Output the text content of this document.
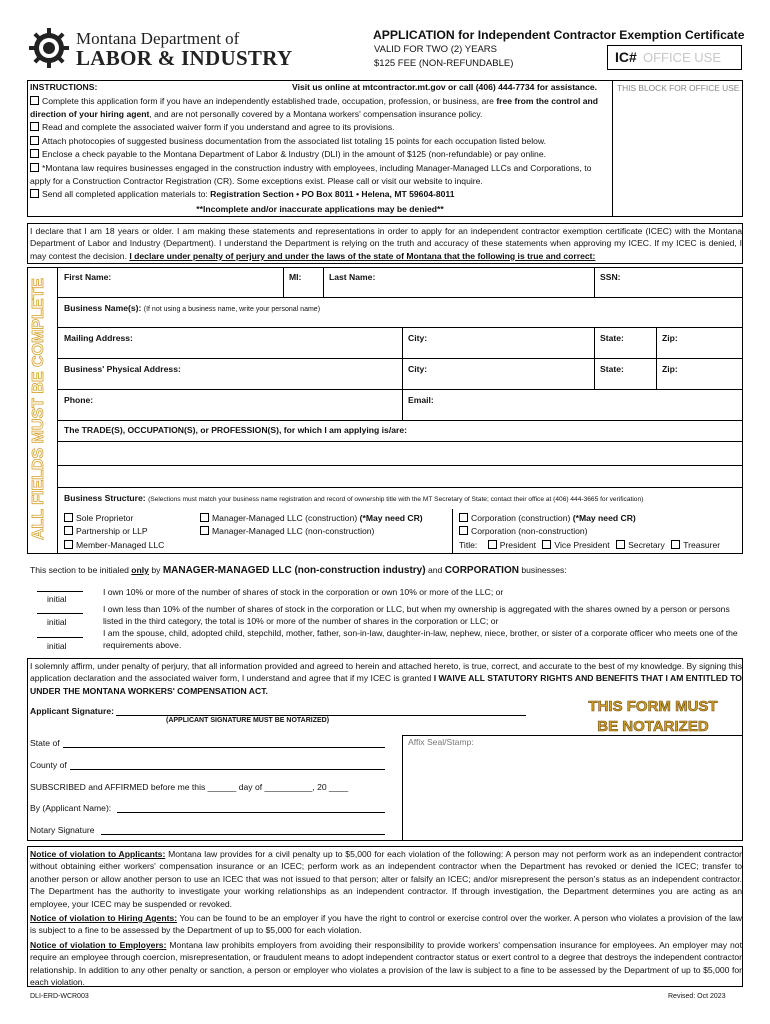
Montana Department of
LABOR & INDUSTRY
APPLICATION for Independent Contractor Exemption Certificate
VALID FOR TWO (2) YEARS
$125 FEE (NON-REFUNDABLE)	IC# OFFICE USE
THIS BLOCK FOR OFFICE USE
INSTRUCTIONS:	Visit us online at mtcontractor.mt.gov or call (406) 444-7734 for assistance.
Complete this application form if you have an independently established trade, occupation, profession, or business, are free from the control and direction of your hiring agent, and are not personally covered by a Montana workers' compensation insurance policy.
Read and complete the associated waiver form if you understand and agree to its provisions.
Attach photocopies of suggested business documentation from the associated list totaling 15 points for each occupation listed below.
Enclose a check payable to the Montana Department of Labor & Industry (DLI) in the amount of $125 (non-refundable) or pay online.
*Montana law requires businesses engaged in the construction industry with employees, including Manager-Managed LLCs and Corporations, to apply for a Construction Contractor Registration (CR). Some exceptions exist. Please call or visit our website to inquire.
Send all completed application materials to: Registration Section • PO Box 8011 • Helena, MT 59604-8011
**Incomplete and/or inaccurate applications may be denied**
I declare that I am 18 years or older. I am making these statements and representations in order to apply for an independent contractor exemption certificate (ICEC) with the Montana Department of Labor and Industry (Department). I understand the Department is relying on the truth and accuracy of these statements when approving my ICEC. If my ICEC is denied, I may contest the decision. I declare under penalty of perjury and under the laws of the state of Montana that the following is true and correct:
ALL FIELDS MUST BE COMPLETE
First Name:	MI:	Last Name:	SSN:
Business Name(s): (If not using a business name, write your personal name)
Mailing Address:	City:	State:	Zip:
Business' Physical Address:	City:	State:	Zip:
Phone:	Email:
The TRADE(S), OCCUPATION(S), or PROFESSION(S), for which I am applying is/are:
Business Structure: (Selections must match your business name registration and record of ownership title with the MT Secretary of State; contact their office at (406) 444-3665 for verification)
Sole Proprietor
Partnership or LLP
Member-Managed LLC
Manager-Managed LLC (construction) (*May need CR)
Manager-Managed LLC (non-construction)
Corporation (construction) (*May need CR)
Corporation (non-construction)
Title:	President Vice President Secretary Treasurer
This section to be initialed only by MANAGER-MANAGED LLC (non-construction industry) and CORPORATION businesses:
initial
initial
initial
I own 10% or more of the number of shares of stock in the corporation or own 10% or more of the LLC; or
I own less than 10% of the number of shares of stock in the corporation or LLC, but when my ownership is aggregated with the shares owned by a person or persons listed in the third category, the total is 10% or more of the number of shares in the corporation or LLC; or
I am the spouse, child, adopted child, stepchild, mother, father, son-in-law, daughter-in-law, nephew, niece, brother, or sister of a corporate officer who meets one of the requirements above.
I solemnly affirm, under penalty of perjury, that all information provided and agreed to herein and attached hereto, is true, correct, and accurate to the best of my knowledge. By signing this application declaration and the associated waiver form, I understand and agree that if my ICEC is granted I WAIVE ALL STATUTORY RIGHTS AND BENEFITS THAT I AM ENTITLED TO UNDER THE MONTANA WORKERS' COMPENSATION ACT.
Applicant Signature:
(APPLICANT SIGNATURE MUST BE NOTARIZED)
THIS FORM MUST
BE NOTARIZED
Affix Seal/Stamp:
State of
County of
SUBSCRIBED and AFFIRMED before me this ______ day of __________, 20 ____
By (Applicant Name):
Notary Signature
Notice of violation to Applicants: Montana law provides for a civil penalty up to $5,000 for each violation of the following: A person may not perform work as an independent contractor without obtaining either workers' compensation insurance or an ICEC; perform work as an independent contractor when the Department has revoked or denied the ICEC; transfer to another person or allow another person to use an ICEC that was not issued to that person; alter or falsify an ICEC; and/or misrepresent the person's status as an independent contractor. The Department has the authority to investigate your working relationships as an independent contractor. If through investigation, the Department determines you are acting as an employee, your ICEC may be suspended or revoked.
Notice of violation to Hiring Agents: You can be found to be an employer if you have the right to control or exercise control over the worker. A person who violates a provision of the law is subject to a fine to be assessed by the Department of up to $5,000 for each violation.
Notice of violation to Employers: Montana law prohibits employers from avoiding their responsibility to provide workers' compensation insurance for employees. An employer may not require an employee through coercion, misrepresentation, or fraudulent means to adopt independent contractor status or exert control to a degree that destroys the independent contractor relationship. In addition to any other penalty or sanction, a person or employer who violates a provision of the law is subject to a fine to be assessed by the Department of up to $5,000 for each violation.
DLI-ERD-WCR003	Revised: Oct 2023
